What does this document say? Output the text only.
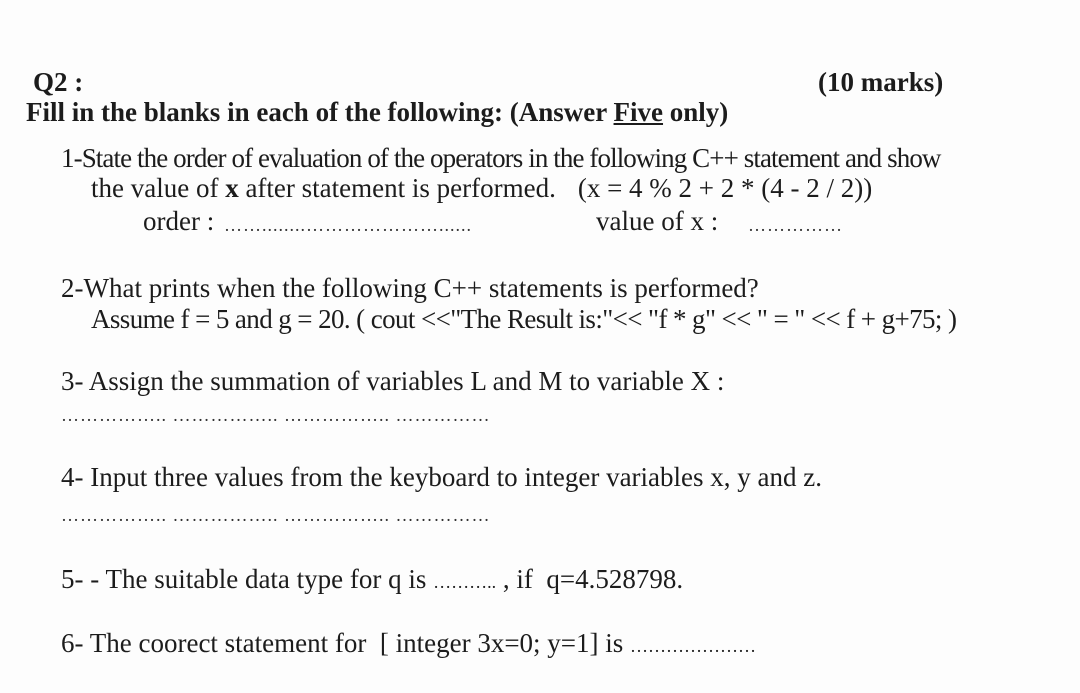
Q2 :	(10 marks)
Fill in the blanks in each of the following: (Answer Five only)
1-State the order of evaluation of the operators in the following C++ statement and show
the value of x after statement is performed. (x = 4 % 2 + 2 * (4 - 2 / 2))
order : ……........…………………......	value of x : ……………
2-What prints when the following C++ statements is performed?
Assume f = 5 and g = 20. ( cout <<"The Result is:"<< "f * g" << " = " << f + g+75; )
3- Assign the summation of variables L and M to variable X :
…………….. …………….. …………….. ……………
4- Input three values from the keyboard to integer variables x, y and z.
…………….. …………….. …………….. ……………
5- - The suitable data type for q is ……….. , if  q=4.528798.
6- The coorect statement for  [ integer 3x=0; y=1] is …………………
